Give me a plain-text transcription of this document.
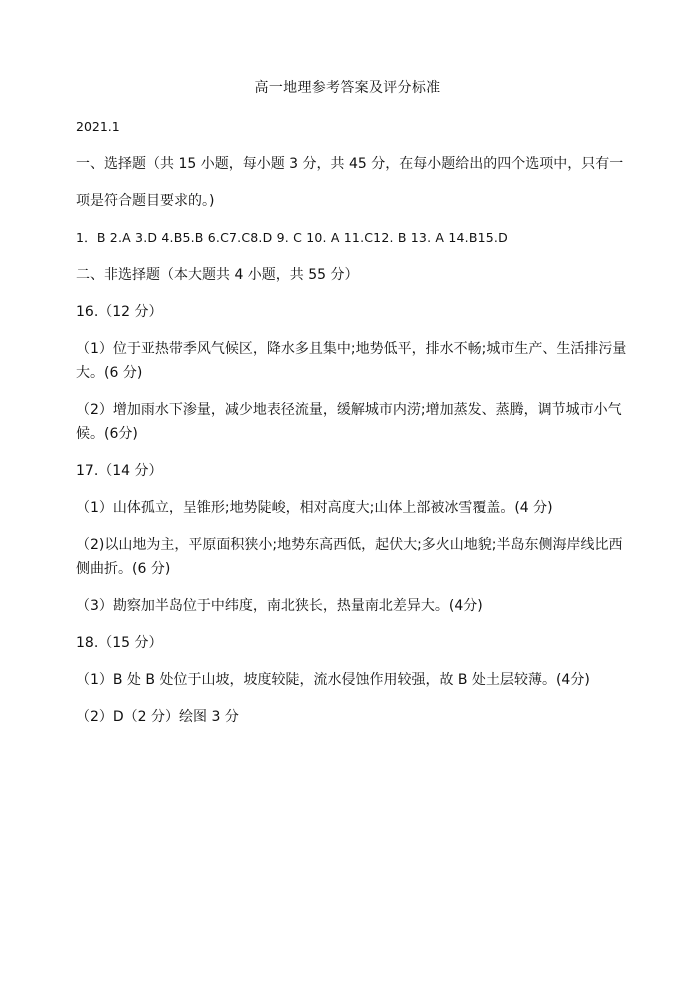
高一地理参考答案及评分标准
2021.1
一、选择题（共 15 小题，每小题 3 分，共 45 分，在每小题给出的四个选项中，只有一
项是符合题目要求的。)
1．B 2.A 3.D 4.B5.B 6.C7.C8.D 9. C 10. A 11.C12. B 13. A 14.B15.D
二、非选择题（本大题共 4 小题，共 55 分）
16.（12 分）
（1）位于亚热带季风气候区，降水多且集中;地势低平，排水不畅;城市生产、生活排污量
大。(6 分)
（2）增加雨水下渗量，减少地表径流量，缓解城市内涝;增加蒸发、蒸腾，调节城市小气
候。(6分)
17.（14 分）
（1）山体孤立，呈锥形;地势陡峻，相对高度大;山体上部被冰雪覆盖。(4 分)
（2)以山地为主，平原面积狭小;地势东高西低，起伏大;多火山地貌;半岛东侧海岸线比西
侧曲折。(6 分)
（3）勘察加半岛位于中纬度，南北狭长，热量南北差异大。(4分)
18.（15 分）
（1）B 处 B 处位于山坡，坡度较陡，流水侵蚀作用较强，故 B 处土层较薄。(4分)
（2）D（2 分）绘图 3 分
